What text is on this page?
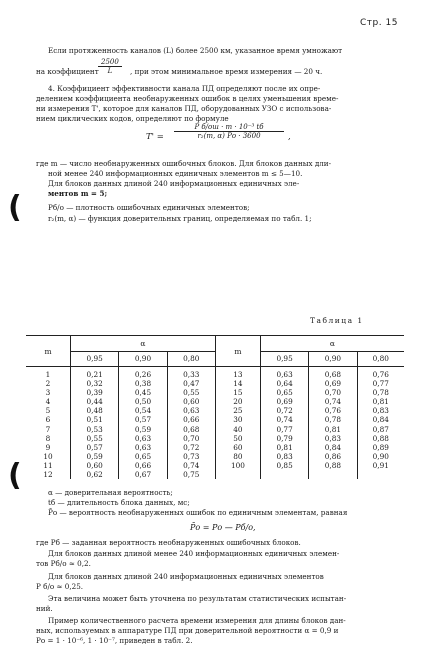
Стр. 15
Если протяженность каналов (L) более 2500 км, указанное время умножают
на коэффициент $\frac{2500}{L}$ , при этом минимальное время измерения — 20 ч.
4. Коэффициент эффективности канала ПД определяют после их опре-
делением коэффициента необнаруженных ошибок в целях уменьшения време-
ни измерения T', которое для каналов ПД, оборудованных УЗО с использова-
нием циклических кодов, определяют по формуле
T' =
P б/ош · m · 10⁻³ tб
r₂(m, α) P̄о · 3600	,
где m — число необнаруженных ошибочных блоков. Для блоков данных дли-
ной менее 240 информационных единичных элементов m ≤ 5—10.
Для блоков данных длиной 240 информационных единичных эле-
ментов m = 5;
Pб/о — плотность ошибочных единичных элементов;
r₂(m, α) — функция доверительных границ, определяемая по табл. 1;
(
Таблица 1
m	α			m	α		
	0,95	0,90	0,80		0,95	0,90	0,80
1	0,21	0,26	0,33	13	0,63	0,68	0,76
2	0,32	0,38	0,47	14	0,64	0,69	0,77
3	0,39	0,45	0,55	15	0,65	0,70	0,78
4	0,44	0,50	0,60	20	0,69	0,74	0,81
5	0,48	0,54	0,63	25	0,72	0,76	0,83
6	0,51	0,57	0,66	30	0,74	0,78	0,84
7	0,53	0,59	0,68	40	0,77	0,81	0,87
8	0,55	0,63	0,70	50	0,79	0,83	0,88
9	0,57	0,63	0,72	60	0,81	0,84	0,89
10	0,59	0,65	0,73	80	0,83	0,86	0,90
11	0,60	0,66	0,74	100	0,85	0,88	0,91
12	0,62	0,67	0,75				
(	α — доверительная вероятность;
tб — длительность блока данных, мс;
P̄о — вероятность необнаруженных ошибок по единичным элементам, равная
P̄о = Pо — Pб/о,
где Pб — заданная вероятность необнаруженных ошибочных блоков.
Для блоков данных длиной менее 240 информационных единичных элемен-
тов Pб/о ≈ 0,2.
Для блоков данных длиной 240 информационных единичных элементов
P б/о ≈ 0,25.
Эта величина может быть уточнена по результатам статистических испытан-
ний.
Пример количественного расчета времени измерения для длины блоков дан-
ных, используемых в аппаратуре ПД при доверительной вероятности α = 0,9 и
Pо = 1 · 10⁻⁶, 1 · 10⁻⁷, приведен в табл. 2.
